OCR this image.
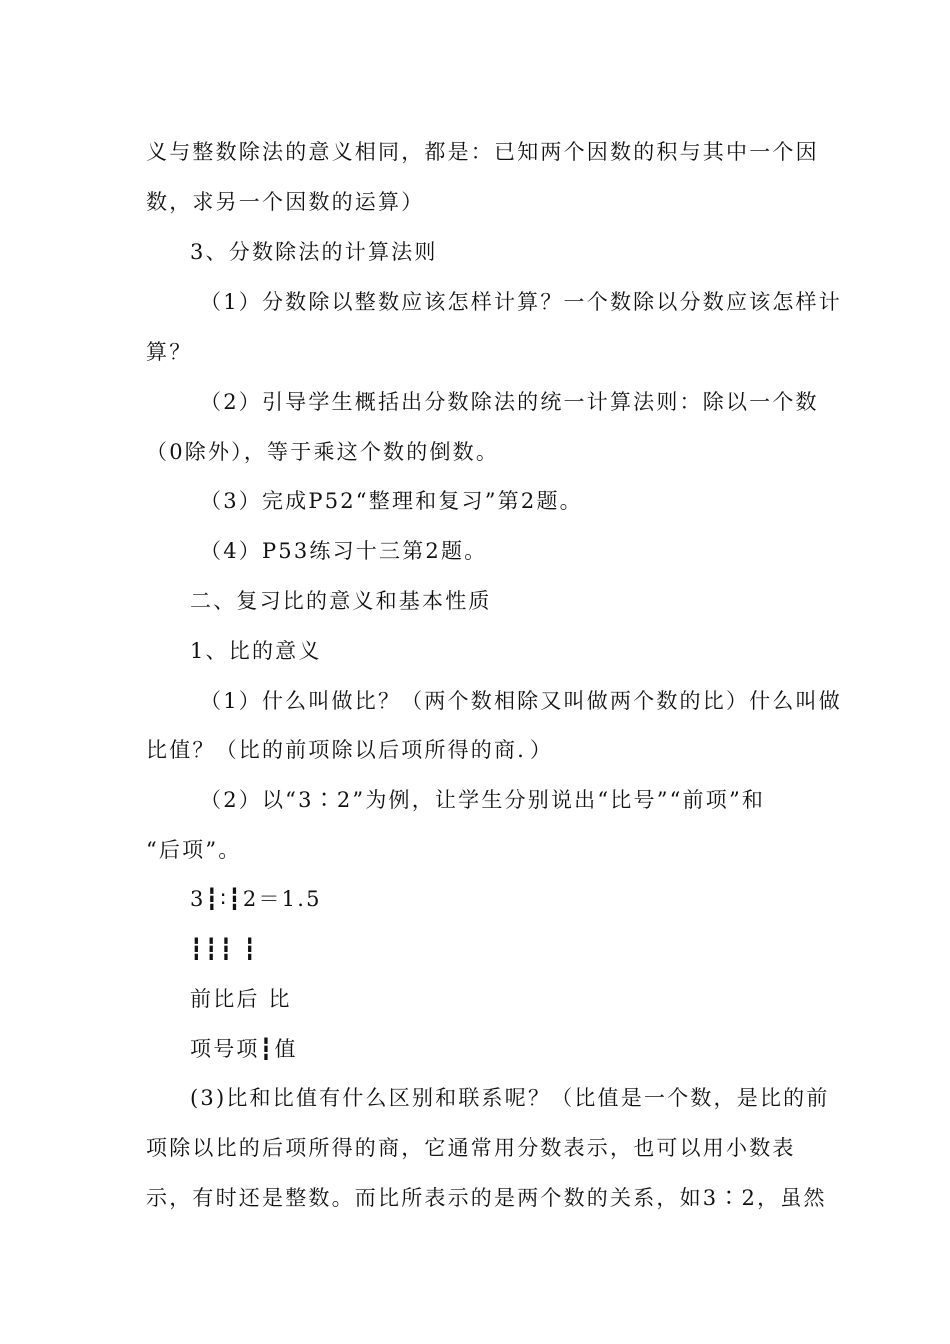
义与整数除法的意义相同，都是：已知两个因数的积与其中一个因
数，求另一个因数的运算）
3、分数除法的计算法则
（1）分数除以整数应该怎样计算？一个数除以分数应该怎样计
算？
（2）引导学生概括出分数除法的统一计算法则：除以一个数
（0除外），等于乘这个数的倒数。
（3）完成P52“整理和复习”第2题。
（4）P53练习十三第2题。
二、复习比的意义和基本性质
1、比的意义
（1）什么叫做比？（两个数相除又叫做两个数的比）什么叫做
比值？（比的前项除以后项所得的商．）
（2）以“3∶2”为例，让学生分别说出“比号”“前项”和
“后项”。
3┇∶┇2＝1.5
┇┇┇ ┇
前比后 比
项号项┇值
(3)比和比值有什么区别和联系呢？（比值是一个数，是比的前
项除以比的后项所得的商，它通常用分数表示，也可以用小数表
示，有时还是整数。而比所表示的是两个数的关系，如3∶2，虽然
